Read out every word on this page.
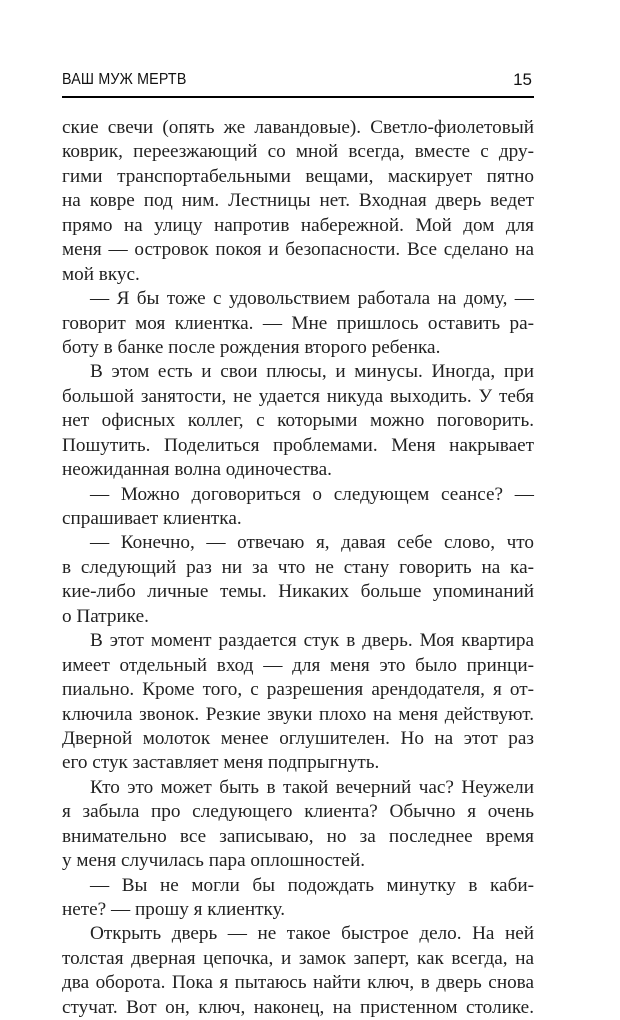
ВАШ МУЖ МЕРТВ	15
ские свечи (опять же лавандовые). Светло-фиолетовый
коврик, переезжающий со мной всегда, вместе с дру-
гими транспортабельными вещами, маскирует пятно
на ковре под ним. Лестницы нет. Входная дверь ведет
прямо на улицу напротив набережной. Мой дом для
меня — островок покоя и безопасности. Все сделано на
мой вкус.
— Я бы тоже с удовольствием работала на дому, —
говорит моя клиентка. — Мне пришлось оставить ра-
боту в банке после рождения второго ребенка.
В этом есть и свои плюсы, и минусы. Иногда, при
большой занятости, не удается никуда выходить. У тебя
нет офисных коллег, с которыми можно поговорить.
Пошутить. Поделиться проблемами. Меня накрывает
неожиданная волна одиночества.
— Можно договориться о следующем сеансе? —
спрашивает клиентка.
— Конечно, — отвечаю я, давая себе слово, что
в следующий раз ни за что не стану говорить на ка-
кие-либо личные темы. Никаких больше упоминаний
о Патрике.
В этот момент раздается стук в дверь. Моя квартира
имеет отдельный вход — для меня это было принци-
пиально. Кроме того, с разрешения арендодателя, я от-
ключила звонок. Резкие звуки плохо на меня действуют.
Дверной молоток менее оглушителен. Но на этот раз
его стук заставляет меня подпрыгнуть.
Кто это может быть в такой вечерний час? Неужели
я забыла про следующего клиента? Обычно я очень
внимательно все записываю, но за последнее время
у меня случилась пара оплошностей.
— Вы не могли бы подождать минутку в каби-
нете? — прошу я клиентку.
Открыть дверь — не такое быстрое дело. На ней
толстая дверная цепочка, и замок заперт, как всегда, на
два оборота. Пока я пытаюсь найти ключ, в дверь снова
стучат. Вот он, ключ, наконец, на пристенном столике.
